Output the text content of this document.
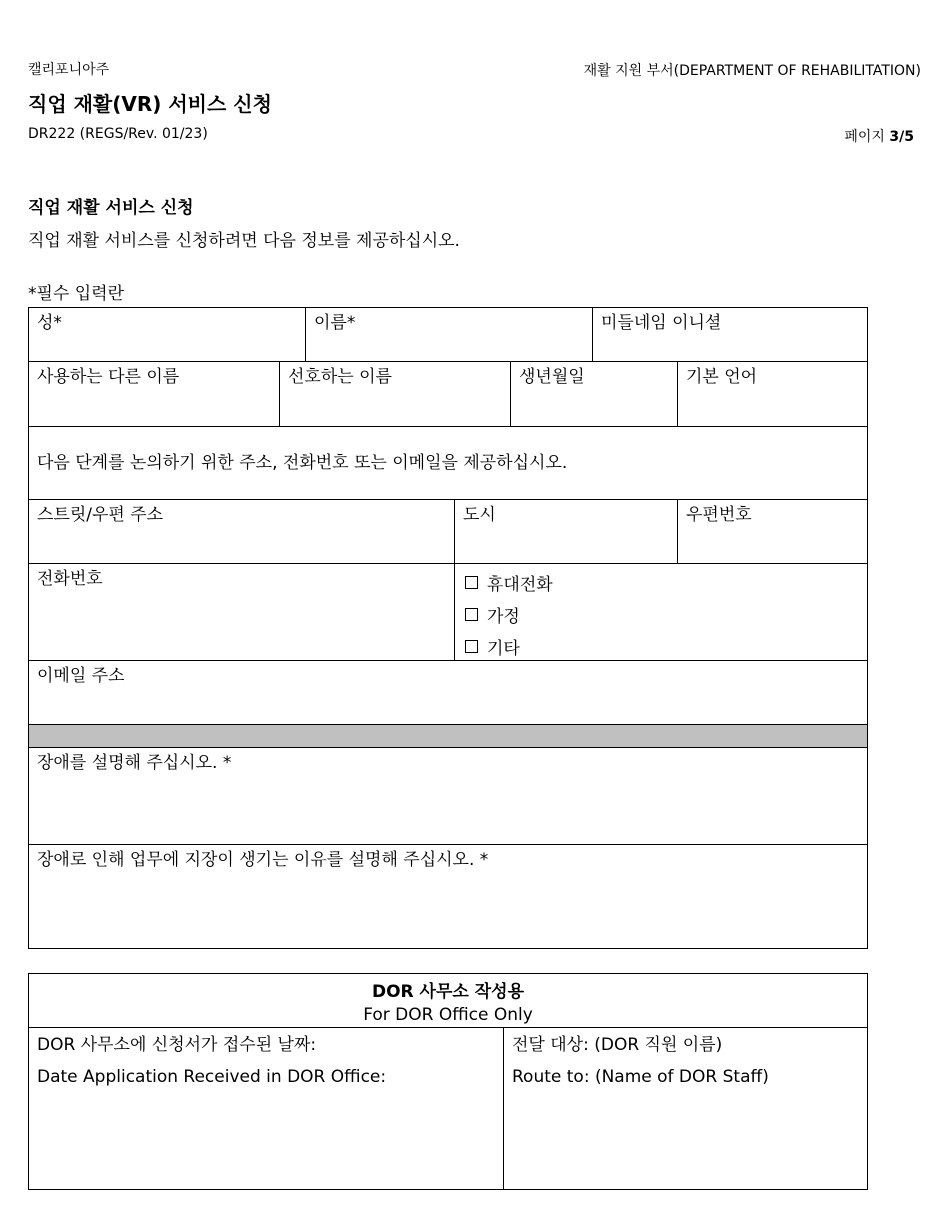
캘리포니아주	재활 지원 부서(DEPARTMENT OF REHABILITATION)
직업 재활(VR) 서비스 신청
DR222 (REGS/Rev. 01/23)	페이지 3/5
직업 재활 서비스 신청
직업 재활 서비스를 신청하려면 다음 정보를 제공하십시오.
*필수 입력란
성*		이름*			미들네임 이니셜	

사용하는 다른 이름	선호하는 이름			생년월일		기본 언어

다음 단계를 논의하기 위한 주소, 전화번호 또는 이메일을 제공하십시오.						

스트릿/우편 주소			도시			우편번호

전화번호			휴대전화
가정
기타			

이메일 주소						

장애를 설명해 주십시오. *						

장애로 인해 업무에 지장이 생기는 이유를 설명해 주십시오. *						
DOR 사무소 작성용
For DOR Office Only

DOR 사무소에 신청서가 접수된 날짜:
Date Application Received in DOR Office:

전달 대상: (DOR 직원 이름)
Route to: (Name of DOR Staff)
